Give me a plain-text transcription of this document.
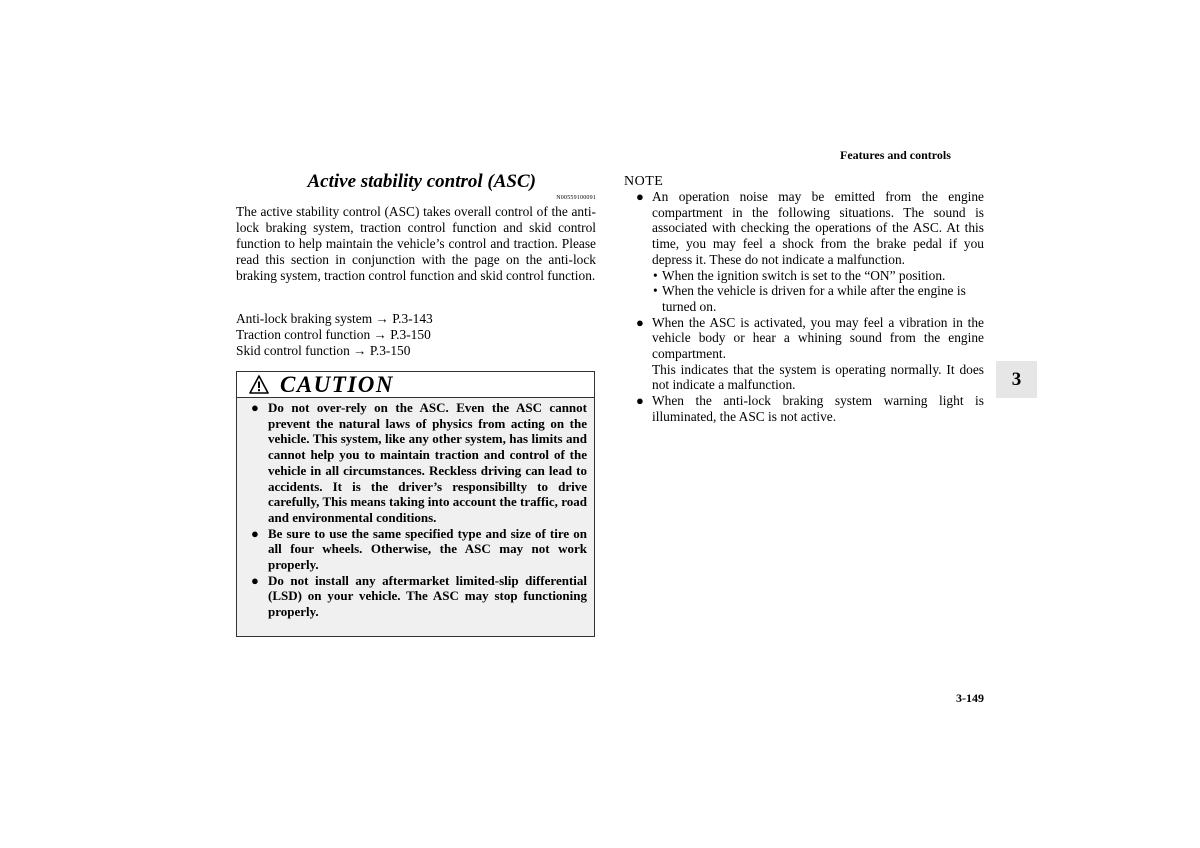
Features and controls
Active stability control (ASC)
N00559100091
The active stability control (ASC) takes overall control of the anti-lock braking system, traction control function and skid control function to help maintain the vehicle’s control and traction. Please read this section in conjunction with the page on the anti-lock braking system, traction control function and skid control function.
Anti-lock braking system → P.3-143
Traction control function → P.3-150
Skid control function → P.3-150
CAUTION
● Do not over-rely on the ASC. Even the ASC cannot prevent the natural laws of physics from acting on the vehicle. This system, like any other system, has limits and cannot help you to maintain traction and control of the vehicle in all circumstances. Reckless driving can lead to accidents. It is the driver’s responsibillty to drive carefully, This means taking into account the traffic, road and environmental conditions.
● Be sure to use the same specified type and size of tire on all four wheels. Otherwise, the ASC may not work properly.
● Do not install any aftermarket limited-slip differential (LSD) on your vehicle. The ASC may stop functioning properly.
NOTE
● An operation noise may be emitted from the engine compartment in the following situations. The sound is associated with checking the operations of the ASC. At this time, you may feel a shock from the brake pedal if you depress it. These do not indicate a malfunction.
• When the ignition switch is set to the “ON” position.
• When the vehicle is driven for a while after the engine is turned on.
● When the ASC is activated, you may feel a vibration in the vehicle body or hear a whining sound from the engine compartment.
This indicates that the system is operating normally. It does not indicate a malfunction.
● When the anti-lock braking system warning light is illuminated, the ASC is not active.
3
3-149
